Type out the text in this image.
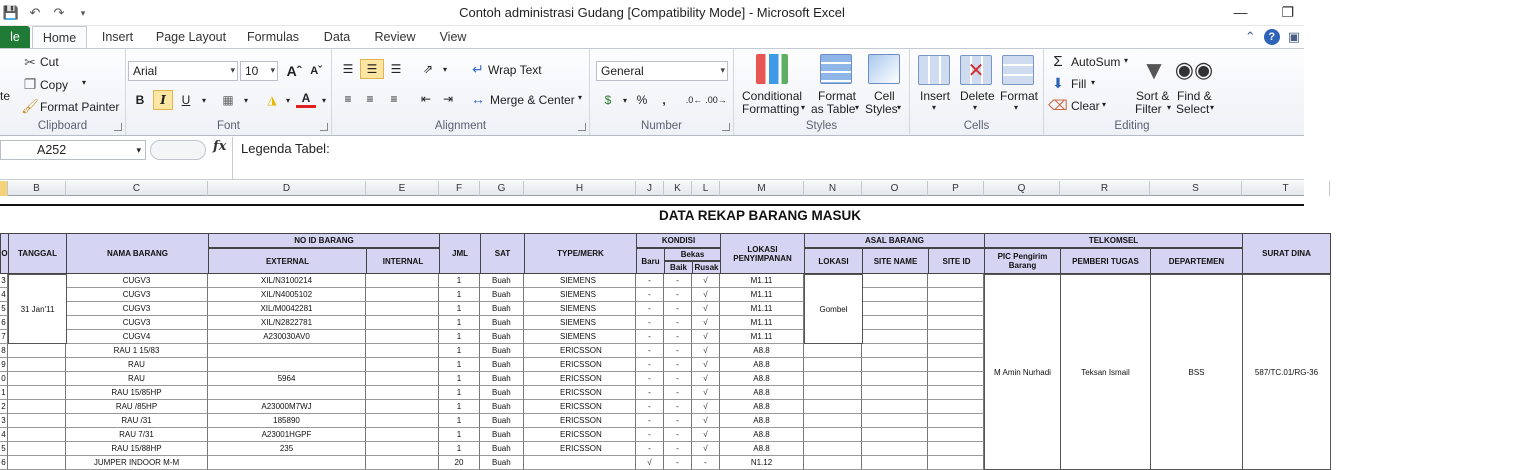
💾 ↶ ↷	▾	Contoh administrasi Gudang [Compatibility Mode] - Microsoft Excel	— ❐
le	Home	Insert	Page Layout	Formulas	Data	Review	View	⌃	? ▣
te
✂ Cut
❐ Copy ▾
🖌 Format Painter
Clipboard
Arial	▾ 10 ▾ Aˆ Aˇ
B	I	U	▾	▦	▾	◮	▾ A	▾
Font
☰	☰	☰	⇗	▾	↵ Wrap Text
≡	≡	≡	⇤ ⇥	↔ Merge & Center ▾
Alignment
General	▾
$	▾ %	,	.0← .00→
Number
Conditional
Formatting ▾
Format
as Table ▾
Cell
Styles ▾
Styles
Insert
▾
✕
Delete
▾
Format
▾
Cells
Σ AutoSum ▾
⬇ Fill ▾
⌫ Clear ▾
▼
Sort &
Filter ▾
◉◉
Find &
Select ▾
Editing
A252	▾	fx	Legenda Tabel:
B	C	D	E	F	G	H	J	K	L	M	N	O	P	Q	R	S	T
DATA REKAP BARANG MASUK
O	TANGGAL	NAMA BARANG
NO ID BARANG
EXTERNAL	INTERNAL
JML	SAT	TYPE/MERK
KONDISI
Baru
Bekas
Baik Rusak
LOKASI PENYIMPANAN
ASAL BARANG
LOKASI	SITE NAME	SITE ID
TELKOMSEL
PIC Pengirim Barang	PEMBERI TUGAS	DEPARTEMEN
SURAT DINA
3	CUGV3	XIL/N3100214	1	Buah	SIEMENS	-	-	√	M1.11
4	CUGV3	XIL/N4005102	1	Buah	SIEMENS	-	-	√	M1.11
5	CUGV3	XIL/M0042281	1	Buah	SIEMENS	-	-	√	M1.11
6	CUGV3	XIL/N2822781	1	Buah	SIEMENS	-	-	√	M1.11
7	CUGV4	A230030AV0	1	Buah	SIEMENS	-	-	√	M1.11
8	RAU 1 15/83	1	Buah	ERICSSON	-	-	√	A8.8
9	RAU	1	Buah	ERICSSON	-	-	√	A8.8
0	RAU	5964	1	Buah	ERICSSON	-	-	√	A8.8
1	RAU 15/85HP	1	Buah	ERICSSON	-	-	√	A8.8
2	RAU /85HP	A23000M7WJ	1	Buah	ERICSSON	-	-	√	A8.8
3	RAU /31	185890	1	Buah	ERICSSON	-	-	√	A8.8
4	RAU 7/31	A23001HGPF	1	Buah	ERICSSON	-	-	√	A8.8
5	RAU 15/88HP	235	1	Buah	ERICSSON	-	-	√	A8.8
6	JUMPER INDOOR M-M	20	Buah	√	-	-	N1.12
31 Jan'11	Gombel
M Amin Nurhadi	Teksan Ismail	BSS	587/TC.01/RG-36
